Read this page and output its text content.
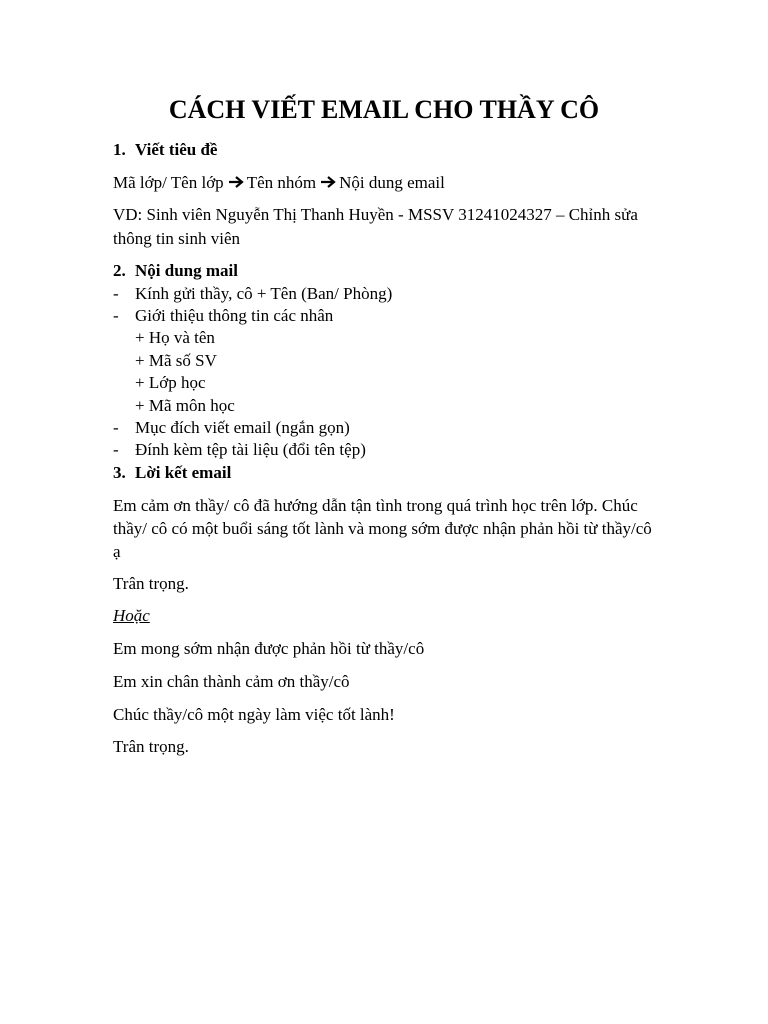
CÁCH VIẾT EMAIL CHO THẦY CÔ
1. Viết tiêu đề
Mã lớp/ Tên lớp Tên nhóm Nội dung email
VD: Sinh viên Nguyễn Thị Thanh Huyền - MSSV 31241024327 – Chỉnh sửa
thông tin sinh viên
2. Nội dung mail
- Kính gửi thầy, cô + Tên (Ban/ Phòng)
- Giới thiệu thông tin các nhân
+ Họ và tên
+ Mã số SV
+ Lớp học
+ Mã môn học
- Mục đích viết email (ngắn gọn)
- Đính kèm tệp tài liệu (đổi tên tệp)
3. Lời kết email
Em cảm ơn thầy/ cô đã hướng dẫn tận tình trong quá trình học trên lớp. Chúc
thầy/ cô có một buổi sáng tốt lành và mong sớm được nhận phản hồi từ thầy/cô
ạ
Trân trọng.
Hoặc
Em mong sớm nhận được phản hồi từ thầy/cô
Em xin chân thành cảm ơn thầy/cô
Chúc thầy/cô một ngày làm việc tốt lành!
Trân trọng.
